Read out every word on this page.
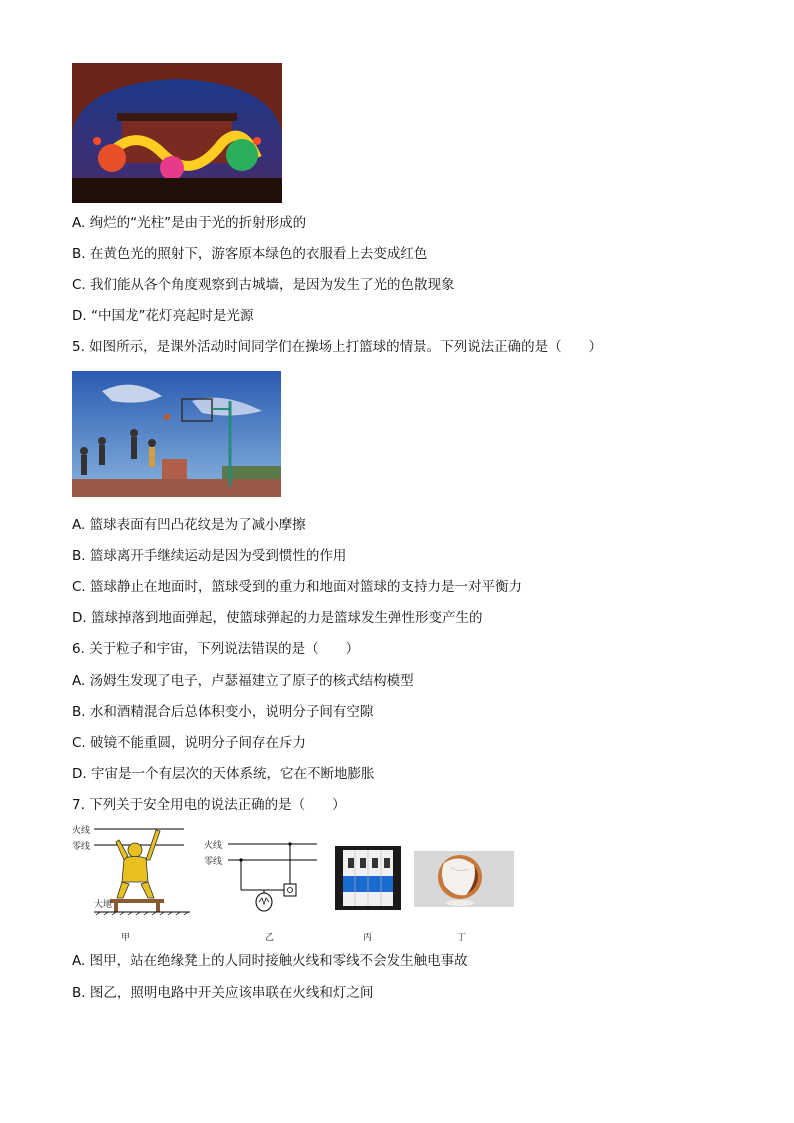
A. 绚烂的“光柱”是由于光的折射形成的
B. 在黄色光的照射下，游客原本绿色的衣服看上去变成红色
C. 我们能从各个角度观察到古城墙，是因为发生了光的色散现象
D. “中国龙”花灯亮起时是光源
5. 如图所示，是课外活动时间同学们在操场上打篮球的情景。下列说法正确的是（　　）
A. 篮球表面有凹凸花纹是为了减小摩擦
B. 篮球离开手继续运动是因为受到惯性的作用
C. 篮球静止在地面时，篮球受到的重力和地面对篮球的支持力是一对平衡力
D. 篮球掉落到地面弹起，使篮球弹起的力是篮球发生弹性形变产生的
6. 关于粒子和宇宙，下列说法错误的是（　　）
A. 汤姆生发现了电子，卢瑟福建立了原子的核式结构模型
B. 水和酒精混合后总体积变小，说明分子间有空隙
C. 破镜不能重圆，说明分子间存在斥力
D. 宇宙是一个有层次的天体系统，它在不断地膨胀
7. 下列关于安全用电的说法正确的是（　　）
火线
零线
大地
火线
零线
甲	乙	丙	丁
A. 图甲，站在绝缘凳上的人同时接触火线和零线不会发生触电事故
B. 图乙，照明电路中开关应该串联在火线和灯之间
